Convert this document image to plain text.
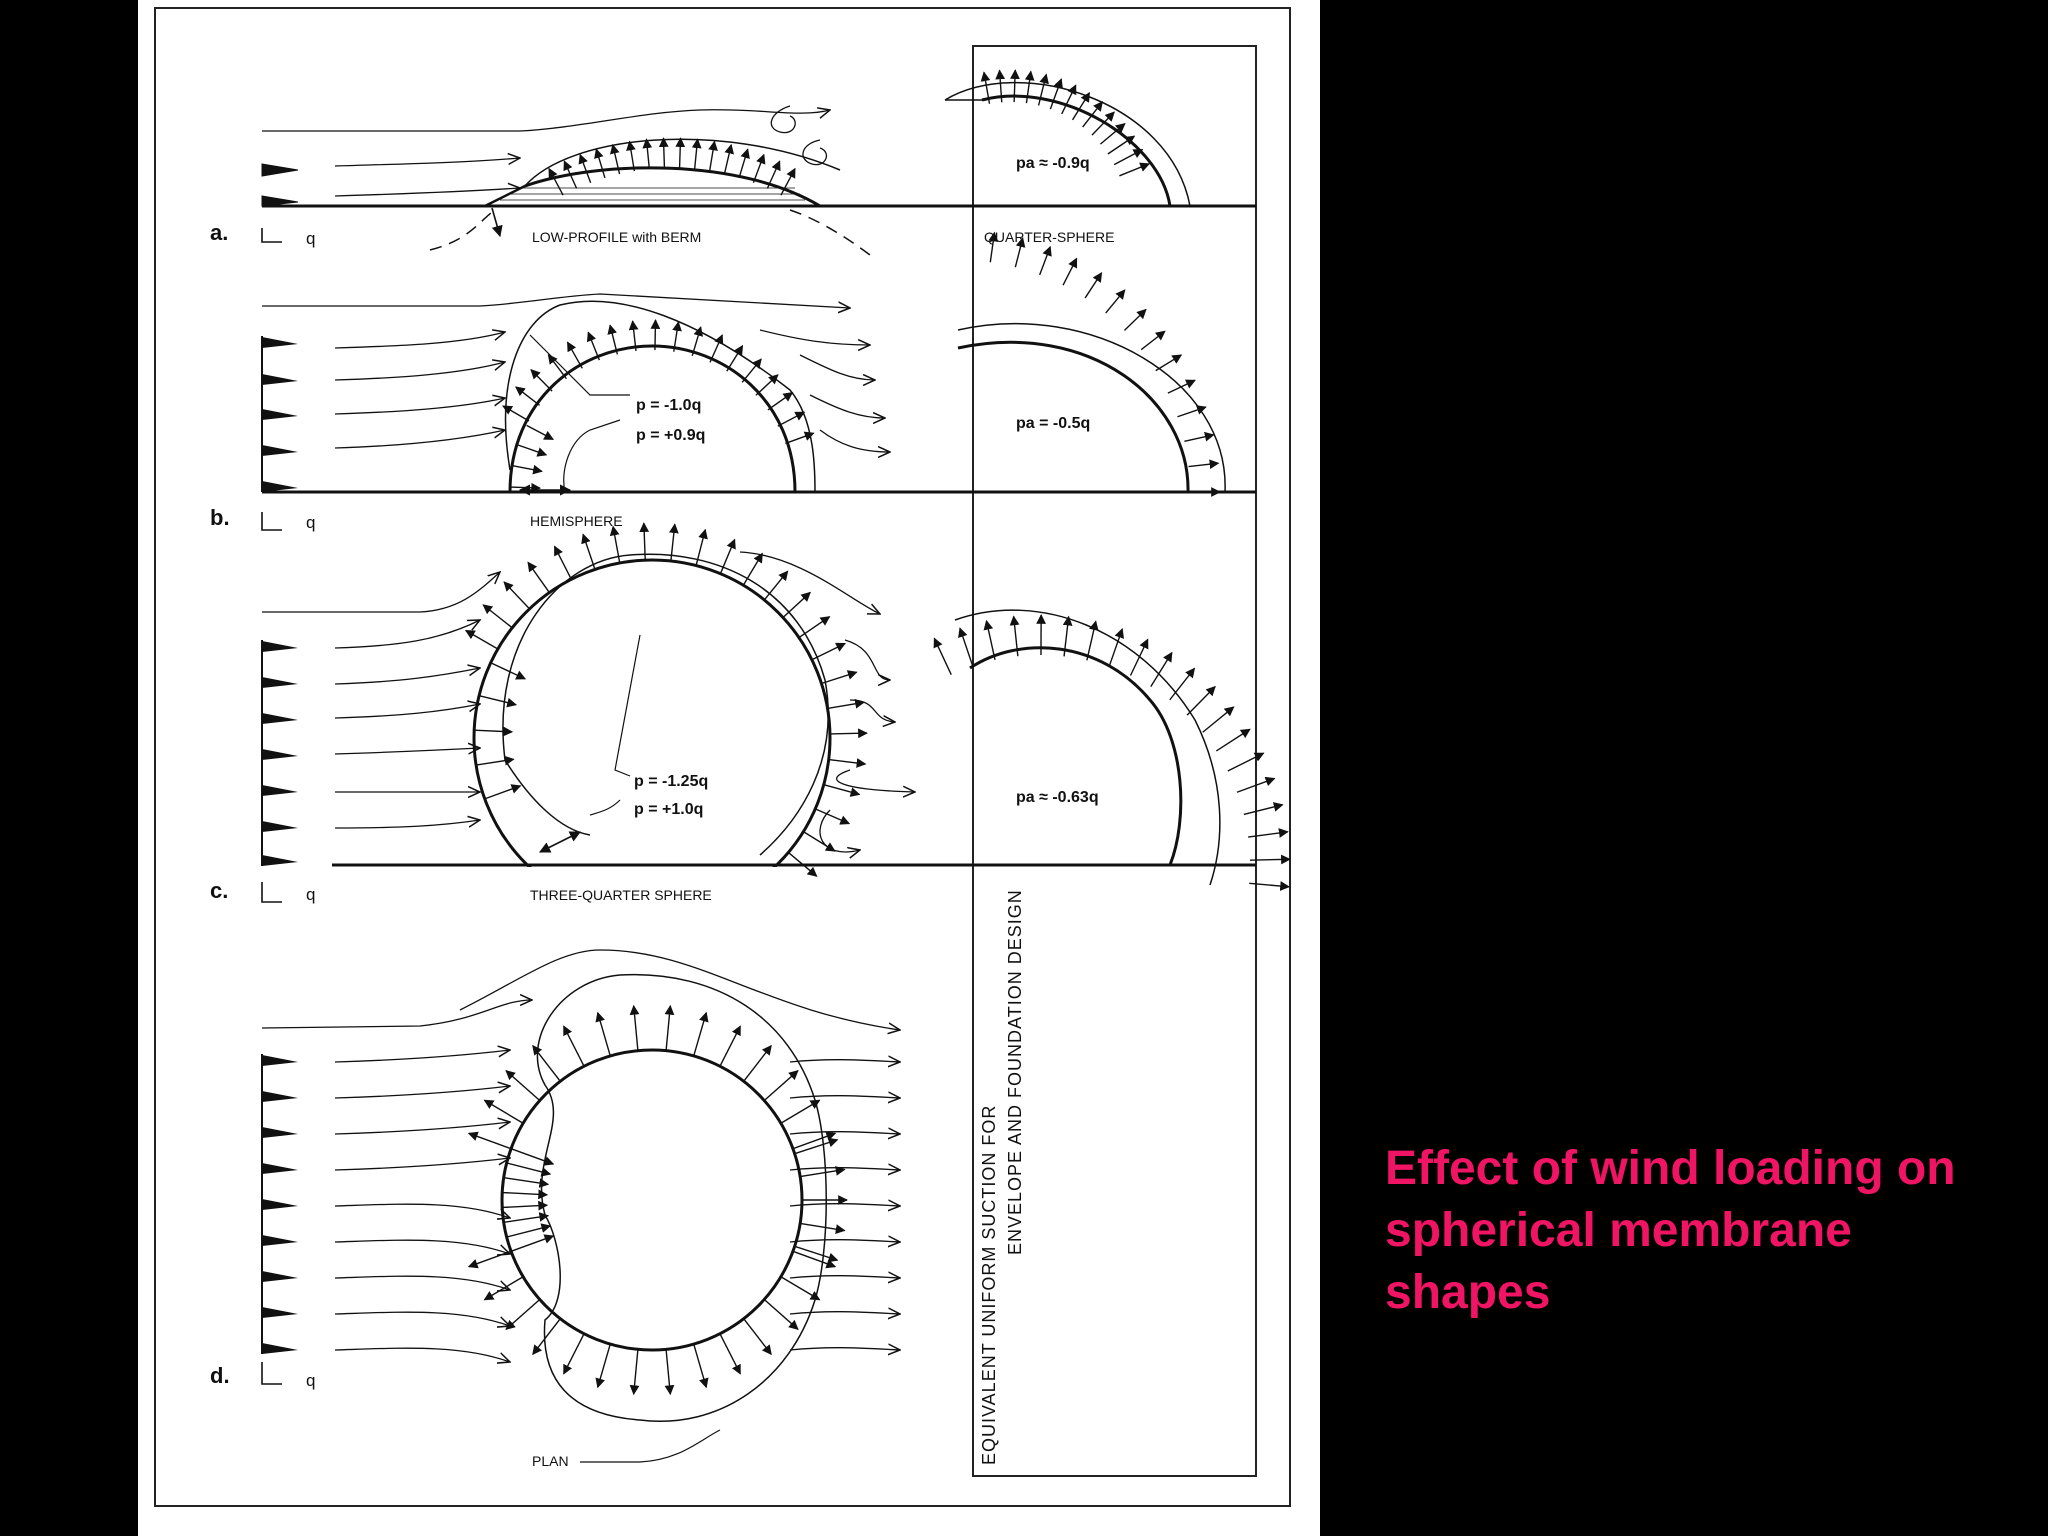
a.
b.
c.
d.
q
q
q
q
LOW-PROFILE with BERM
HEMISPHERE
THREE-QUARTER SPHERE
PLAN
QUARTER-SPHERE
p = -1.0q
p = +0.9q
p = -1.25q
p = +1.0q
pa ≈ -0.9q
pa = -0.5q
pa ≈ -0.63q
EQUIVALENT UNIFORM SUCTION FOR
ENVELOPE AND FOUNDATION DESIGN	Effect of wind loading on spherical membrane shapes
